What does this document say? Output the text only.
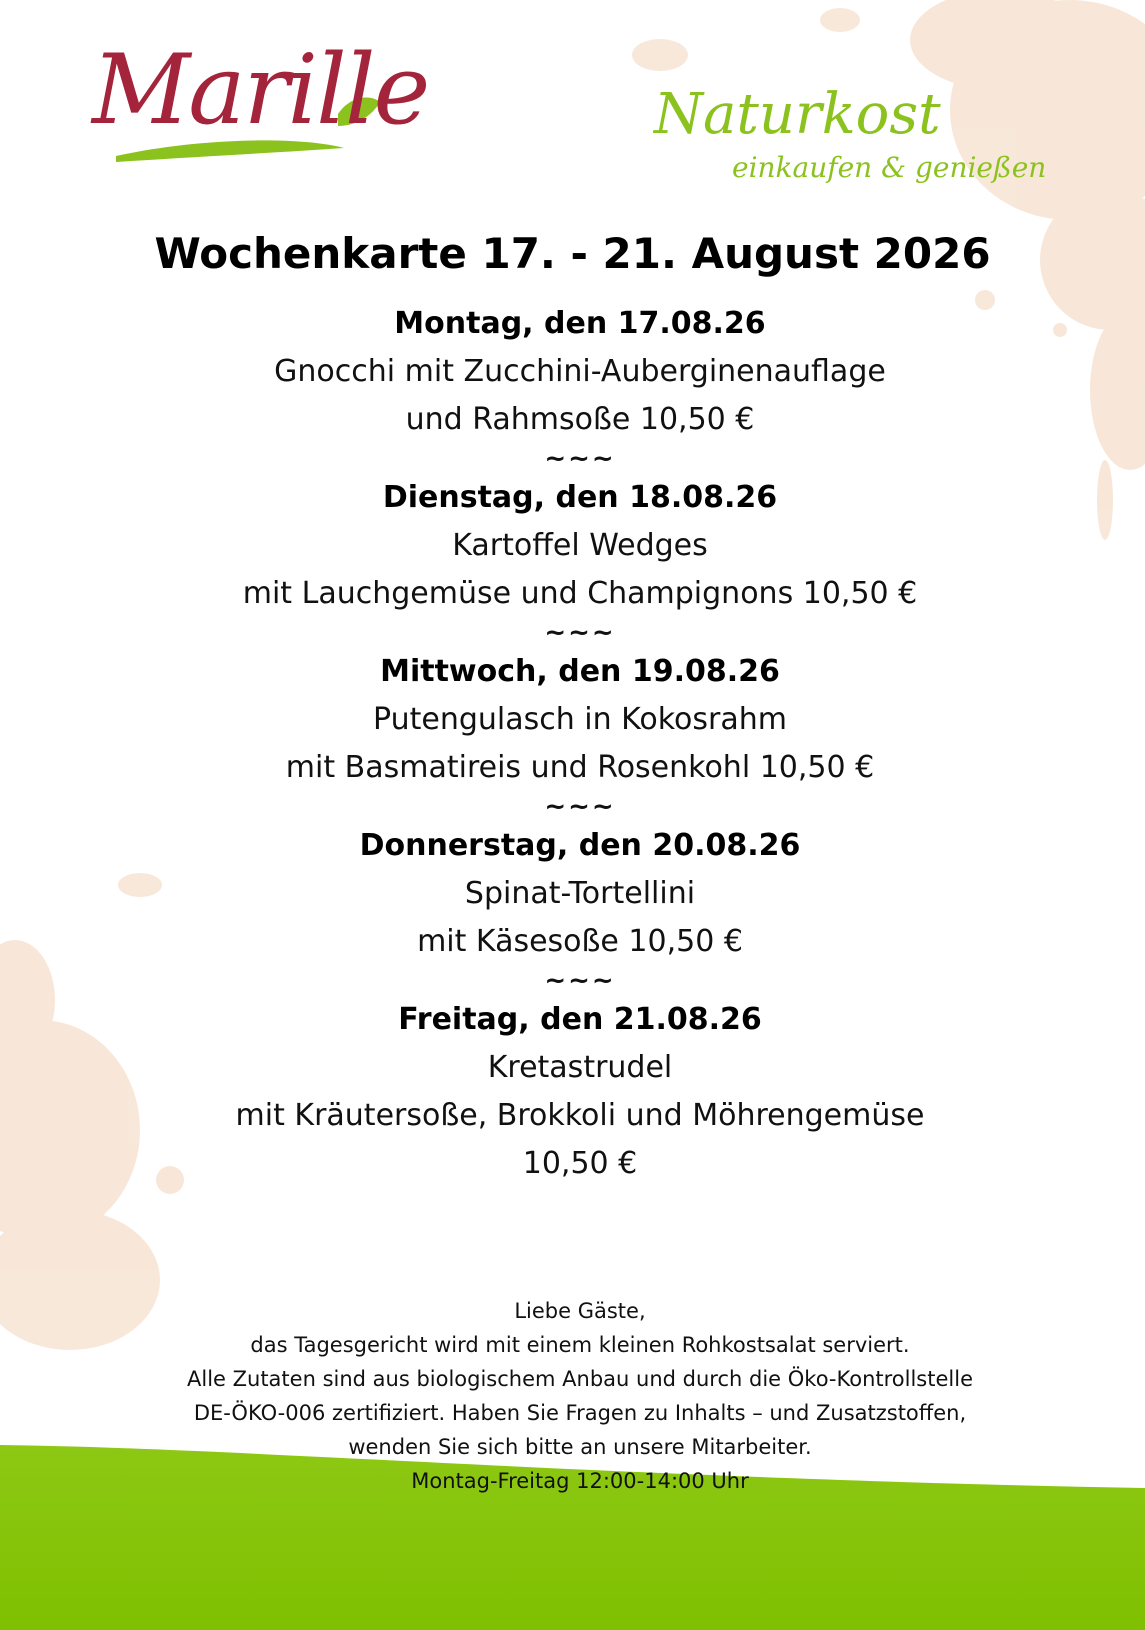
Marille	Naturkost
einkaufen & genießen
Wochenkarte 17. - 21. August 2026
Montag, den 17.08.26
Gnocchi mit Zucchini-Auberginenauflage
und Rahmsoße 10,50 €
~~~
Dienstag, den 18.08.26
Kartoffel Wedges
mit Lauchgemüse und Champignons 10,50 €
~~~
Mittwoch, den 19.08.26
Putengulasch in Kokosrahm
mit Basmatireis und Rosenkohl 10,50 €
~~~
Donnerstag, den 20.08.26
Spinat-Tortellini
mit Käsesoße 10,50 €
~~~
Freitag, den 21.08.26
Kretastrudel
mit Kräutersoße, Brokkoli und Möhrengemüse
10,50 €
Liebe Gäste,
das Tagesgericht wird mit einem kleinen Rohkostsalat serviert.
Alle Zutaten sind aus biologischem Anbau und durch die Öko-Kontrollstelle
DE-ÖKO-006 zertifiziert. Haben Sie Fragen zu Inhalts – und Zusatzstoffen,
wenden Sie sich bitte an unsere Mitarbeiter.
Montag-Freitag 12:00-14:00 Uhr
